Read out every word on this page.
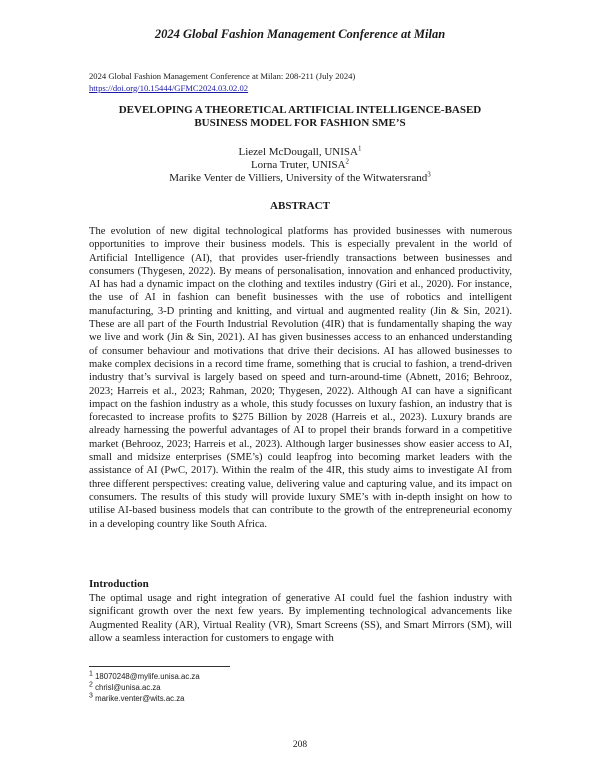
2024 Global Fashion Management Conference at Milan
2024 Global Fashion Management Conference at Milan: 208-211 (July 2024)
https://doi.org/10.15444/GFMC2024.03.02.02
DEVELOPING A THEORETICAL ARTIFICIAL INTELLIGENCE-BASED
BUSINESS MODEL FOR FASHION SME’S
Liezel McDougall, UNISA$^1$
Lorna Truter, UNISA$^2$
Marike Venter de Villiers, University of the Witwatersrand$^3$
ABSTRACT

The evolution of new digital technological platforms has provided businesses with numerous opportunities to improve their business models. This is especially prevalent in the world of Artificial Intelligence (AI), that provides user-friendly transactions between businesses and consumers (Thygesen, 2022). By means of personalisation, innovation and enhanced productivity, AI has had a dynamic impact on the clothing and textiles industry (Giri et al., 2020). For instance, the use of AI in fashion can benefit businesses with the use of robotics and intelligent manufacturing, 3-D printing and knitting, and virtual and augmented reality (Jin & Sin, 2021). These are all part of the Fourth Industrial Revolution (4IR) that is fundamentally shaping the way we live and work (Jin & Sin, 2021). AI has given businesses access to an enhanced understanding of consumer behaviour and motivations that drive their decisions. AI has allowed businesses to make complex decisions in a record time frame, something that is crucial to fashion, a trend-driven industry that’s survival is largely based on speed and turn-around-time (Abnett, 2016; Behrooz, 2023; Harreis et al., 2023; Rahman, 2020; Thygesen, 2022). Although AI can have a significant impact on the fashion industry as a whole, this study focusses on luxury fashion, an industry that is forecasted to increase profits to $275 Billion by 2028 (Harreis et al., 2023). Luxury brands are already harnessing the powerful advantages of AI to propel their brands forward in a competitive market (Behrooz, 2023; Harreis et al., 2023). Although larger businesses show easier access to AI, small and midsize enterprises (SME’s) could leapfrog into becoming market leaders with the assistance of AI (PwC, 2017). Within the realm of the 4IR, this study aims to investigate AI from three different perspectives: creating value, delivering value and capturing value, and its impact on consumers. The results of this study will provide luxury SME’s with in-depth insight on how to utilise AI-based business models that can contribute to the growth of the entrepreneurial economy in a developing country like South Africa.

Introduction

The optimal usage and right integration of generative AI could fuel the fashion industry with significant growth over the next few years. By implementing technological advancements like Augmented Reality (AR), Virtual Reality (VR), Smart Screens (SS), and Smart Mirrors (SM), will allow a seamless interaction for customers to engage with

$^1$ 18070248@mylife.unisa.ac.za
$^2$ chrisl@unisa.ac.za
$^3$ marike.venter@wits.ac.za
208
